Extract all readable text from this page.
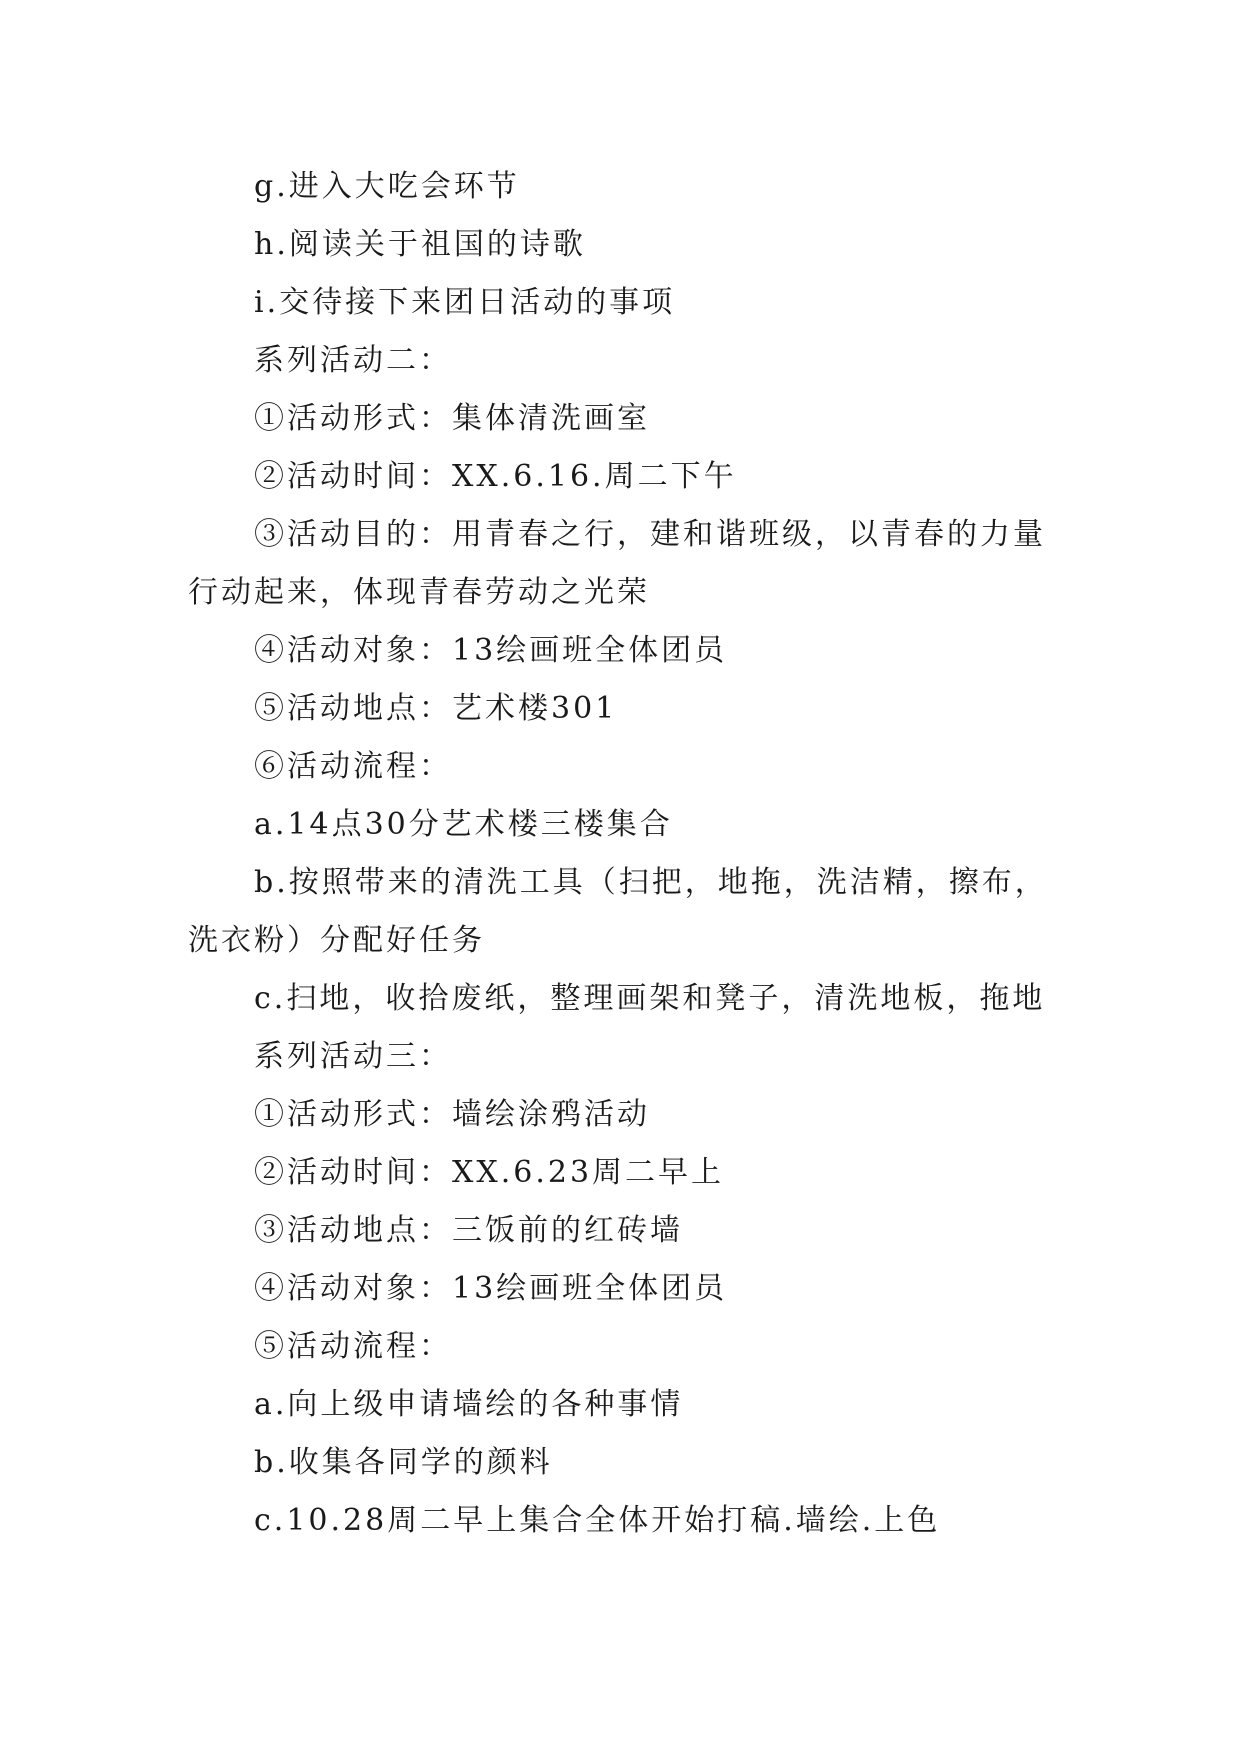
g.进入大吃会环节

h.阅读关于祖国的诗歌

i.交待接下来团日活动的事项

系列活动二：

①活动形式：集体清洗画室

②活动时间：XX.6.16.周二下午

③活动目的：用青春之行，建和谐班级，以青春的力量行动起来，体现青春劳动之光荣

④活动对象：13绘画班全体团员

⑤活动地点：艺术楼301

⑥活动流程：

a.14点30分艺术楼三楼集合

b.按照带来的清洗工具（扫把，地拖，洗洁精，擦布，洗衣粉）分配好任务

c.扫地，收拾废纸，整理画架和凳子，清洗地板，拖地

系列活动三：

①活动形式：墙绘涂鸦活动

②活动时间：XX.6.23周二早上

③活动地点：三饭前的红砖墙

④活动对象：13绘画班全体团员

⑤活动流程：

a.向上级申请墙绘的各种事情

b.收集各同学的颜料

c.10.28周二早上集合全体开始打稿.墙绘.上色
